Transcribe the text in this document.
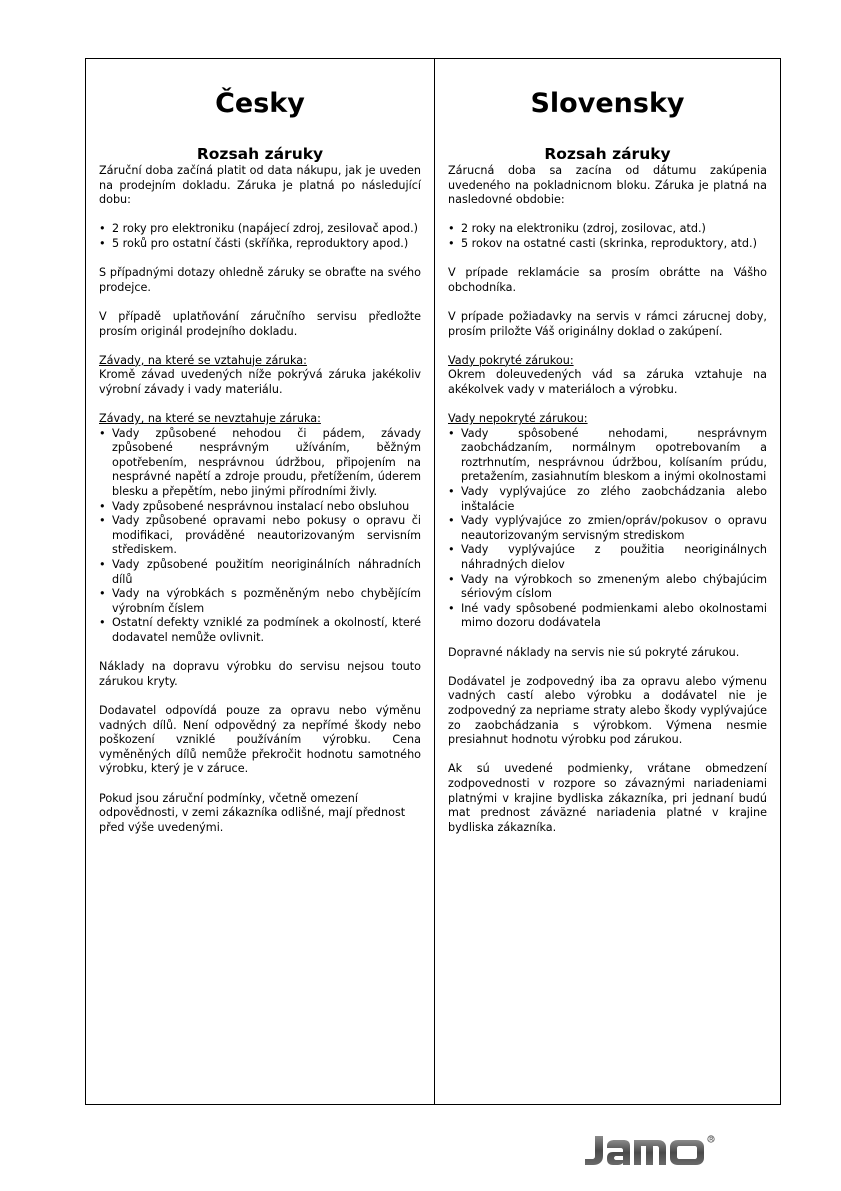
Česky
Rozsah záruky

Záruční doba začíná platit od data nákupu, jak je uveden na prodejním dokladu. Záruka je platná po následující dobu:

• 2 roky pro elektroniku (napájecí zdroj, zesilovač apod.)
• 5 roků pro ostatní části (skříňka, reproduktory apod.)

S případnými dotazy ohledně záruky se obraťte na svého prodejce.

V případě uplatňování záručního servisu předložte prosím originál prodejního dokladu.

Závady, na které se vztahuje záruka:

Kromě závad uvedených níže pokrývá záruka jakékoliv výrobní závady i vady materiálu.

Závady, na které se nevztahuje záruka:
• Vady způsobené nehodou či pádem, závady způsobené nesprávným užíváním, běžným opotřebením, nesprávnou údržbou, připojením na nesprávné napětí a zdroje proudu, přetížením, úderem blesku a přepětím, nebo jinými přírodními živly.
• Vady způsobené nesprávnou instalací nebo obsluhou
• Vady způsobené opravami nebo pokusy o opravu či modifikaci, prováděné neautorizovaným servisním střediskem.
• Vady způsobené použitím neoriginálních náhradních dílů
• Vady na výrobkách s pozměněným nebo chybějícím výrobním číslem
• Ostatní defekty vzniklé za podmínek a okolností, které dodavatel nemůže ovlivnit.

Náklady na dopravu výrobku do servisu nejsou touto zárukou kryty.

Dodavatel odpovídá pouze za opravu nebo výměnu vadných dílů. Není odpovědný za nepřímé škody nebo poškození vzniklé používáním výrobku. Cena vyměněných dílů nemůže překročit hodnotu samotného výrobku, který je v záruce.

Pokud jsou záruční podmínky, včetně omezení odpovědnosti, v zemi zákazníka odlišné, mají přednost před výše uvedenými.

Slovensky
Rozsah záruky

Zárucná doba sa zacína od dátumu zakúpenia uvedeného na pokladnicnom bloku. Záruka je platná na nasledovné obdobie:

• 2 roky na elektroniku (zdroj, zosilovac, atd.)
• 5 rokov na ostatné casti (skrinka, reproduktory, atd.)

V prípade reklamácie sa prosím obrátte na Vášho obchodníka.

V prípade požiadavky na servis v rámci zárucnej doby, prosím priložte Váš originálny doklad o zakúpení.

Vady pokryté zárukou:

Okrem doleuvedených vád sa záruka vztahuje na akékolvek vady v materiáloch a výrobku.

Vady nepokryté zárukou:
• Vady spôsobené nehodami, nesprávnym zaobchádzaním, normálnym opotrebovaním a roztrhnutím, nesprávnou údržbou, kolísaním prúdu, pretažením, zasiahnutím bleskom a inými okolnostami
• Vady vyplývajúce zo zlého zaobchádzania alebo inštalácie
• Vady vyplývajúce zo zmien/opráv/pokusov o opravu neautorizovaným servisným strediskom
• Vady vyplývajúce z použitia neoriginálnych náhradných dielov
• Vady na výrobkoch so zmeneným alebo chýbajúcim sériovým císlom
• Iné vady spôsobené podmienkami alebo okolnostami mimo dozoru dodávatela

Dopravné náklady na servis nie sú pokryté zárukou.

Dodávatel je zodpovedný iba za opravu alebo výmenu vadných castí alebo výrobku a dodávatel nie je zodpovedný za nepriame straty alebo škody vyplývajúce zo zaobchádzania s výrobkom. Výmena nesmie presiahnut hodnotu výrobku pod zárukou.

Ak sú uvedené podmienky, vrátane obmedzení zodpovednosti v rozpore so závaznými nariadeniami platnými v krajine bydliska zákazníka, pri jednaní budú mat prednost záväzné nariadenia platné v krajine bydliska zákazníka.
